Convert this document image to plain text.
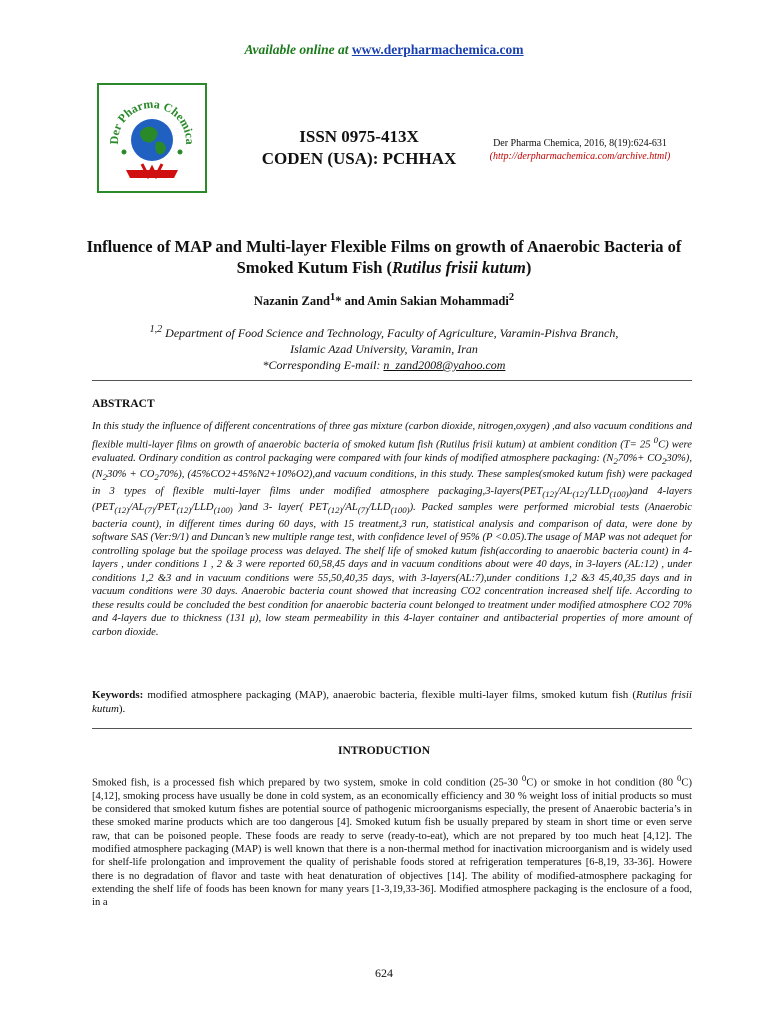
Available online at www.derpharmachemica.com
Der Pharma Chemica	ISSN 0975-413X
CODEN (USA): PCHHAX
Der Pharma Chemica, 2016, 8(19):624-631
(http://derpharmachemica.com/archive.html)
Influence of MAP and Multi-layer Flexible Films on growth of Anaerobic Bacteria of Smoked Kutum Fish (Rutilus frisii kutum)
Nazanin Zand$^1$* and Amin Sakian Mohammadi$^2$
$^{1,2}$ Department of Food Science and Technology, Faculty of Agriculture, Varamin-Pishva Branch,
Islamic Azad University, Varamin, Iran
*Corresponding E-mail: n_zand2008@yahoo.com
ABSTRACT
In this study the influence of different concentrations of three gas mixture (carbon dioxide, nitrogen,oxygen) ,and also vacuum conditions and flexible multi-layer films on growth of anaerobic bacteria of smoked kutum fish (Rutilus frisii kutum) at ambient condition (T= 25 $^0$C) were evaluated. Ordinary condition as control packaging were compared with four kinds of modified atmosphere packaging: $(N_270\%+ CO_230\%)$, $(N_230\% + CO_270\%)$, (45%CO2+45%N2+10%O2),and vacuum conditions, in this study. These samples(smoked kutum fish) were packaged in 3 types of flexible multi-layer films under modified atmosphere $packaging,3-layers(PET_{(12)}/AL_{(12)}/LLD_{(100)})and$ 4-layers ($PET_{(12)}/AL_{(7)}/PET_{(12)}/LLD_{(100)}$ )and 3- layer( $PET_{(12)}/AL_{(7)}/LLD_{(100)}$). Packed samples were performed microbial tests (Anaerobic bacteria count), in different times during 60 days, with 15 treatment,3 run, statistical analysis and comparison of data, were done by software SAS (Ver:9/1) and Duncan’s new multiple range test, with confidence level of 95% (P <0.05).The usage of MAP was not adequet for controlling spolage but the spoilage process was delayed. The shelf life of smoked kutum fish(according to anaerobic bacteria count) in 4-layers , under conditions 1 , 2 & 3 were reported 60,58,45 days and in vacuum conditions about were 40 days, in 3-layers (AL:12) , under conditions 1,2 &3 and in vacuum conditions were 55,50,40,35 days, with 3-layers(AL:7),under conditions 1,2 &3 45,40,35 days and in vacuum conditions were 30 days. Anaerobic bacteria count showed that increasing CO2 concentration increased shelf life. According to these results could be concluded the best condition for anaerobic bacteria count belonged to treatment under modified atmosphere CO2 70% and 4-layers due to thickness (131 μ), low steam permeability in this 4-layer container and antibacterial properties of more amount of carbon dioxide.
Keywords: modified atmosphere packaging (MAP), anaerobic bacteria, flexible multi-layer films, smoked kutum fish (Rutilus frisii kutum).
INTRODUCTION
Smoked fish, is a processed fish which prepared by two system, smoke in cold condition (25-30 $^0$C) or smoke in hot condition (80 $^0$C) [4,12], smoking process have usually be done in cold system, as an economically efficiency and 30 % weight loss of initial products so must be considered that smoked kutum fishes are potential source of pathogenic microorganisms especially, the present of Anaerobic bacteria’s in these smoked marine products which are too dangerous [4]. Smoked kutum fish be usually prepared by steam in short time or even serve raw, that can be poisoned people. These foods are ready to serve (ready-to-eat), which are not prepared by too much heat [4,12]. The modified atmosphere packaging (MAP) is well known that there is a non-thermal method for inactivation microorganism and is widely used for shelf-life prolongation and improvement the quality of perishable foods stored at refrigeration temperatures [6-8,19, 33-36]. Howere there is no degradation of flavor and taste with heat denaturation of objectives [14]. The ability of modified-atmosphere packaging for extending the shelf life of foods has been known for many years [1-3,19,33-36]. Modified atmosphere packaging is the enclosure of a food, in a
624
